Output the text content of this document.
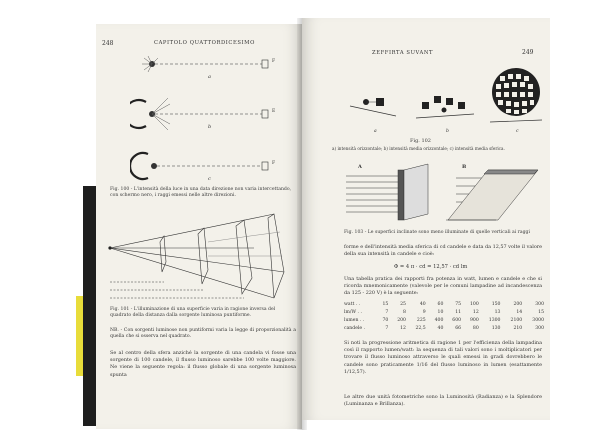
248	CAPITOLO QUATTORDICESIMO
a
b
c
F
E
F
Fig. 100 - L'intensità della luce in una data direzione non varia intercettando, con schermo nero, i raggi emessi nelle altre direzioni.
Fig. 101 - L'illuminazione di una superficie varia in ragione inversa del quadrato della distanza dalla sorgente luminosa puntiforme.
NB. - Con sorgenti luminose non puntiformi varia la legge di proporzionalità a quella che si osserva nel quadrato.
Se al centro della sfera anziché la sorgente di una candela vi fosse una sorgente di 100 candele, il flusso luminoso sarebbe 100 volte maggiore. Ne viene la seguente regola: il flusso globale di una sorgente luminosa spunta
ZEFFIRTA SUVANT	249
a	b	c
Fig. 102
a) intensità orizzontale; b) intensità media orizzontale; c) intensità media sferica.
A	B
Fig. 103 - Le superfici inclinate sono meno illuminate di quelle verticali ai raggi
forme e dell'intensità media sferica di cd candele e data da 12,57 volte il valore della sua intensità in candele e cioè:
Φ = 4 π · cd = 12,57 · cd lm
Una tabella pratica dei rapporti fra potenza in watt, lumen e candele e che si ricorda mnemonicamente (valevole per le comuni lampadine ad incandescenza da 125 - 220 V) è la seguente:
watt . .	15	25	40	60	75	100	150	200	300
lm/W . .	7	8	9	10	11	12	13	14	15
lumen . .	70	200	225	400	600	900	1300	2100	3000
candele .	7	12	22,5	40	66	80	130	210	300
Si noti la progressione aritmetica di ragione 1 per l'efficienza della lampadina così il rapporto lumen/watt: la sequenza di tali valori sono i moltiplicatori per trovare il flusso luminoso attraverso le quali emessi in gradi dovrebbero le candele sono praticamente 1/16 del flusso luminoso in lumen (esattamente 1/12,57).
Le altre due unità fotometriche sono la Luminosità (Radianza) e la Splendore (Luminanza e Brillanza).
